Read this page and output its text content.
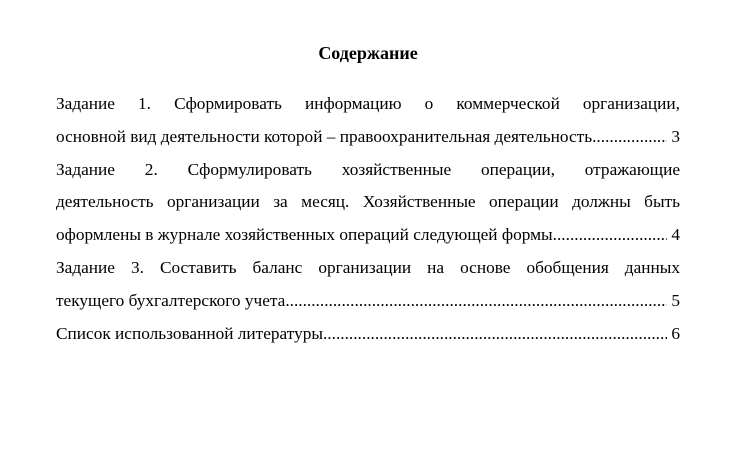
Содержание
Задание 1. Сформировать информацию о коммерческой организации,
основной вид деятельности которой – правоохранительная деятельность .....	3
Задание 2. Сформулировать хозяйственные операции, отражающие
деятельность организации за месяц. Хозяйственные операции должны быть
оформлены в журнале хозяйственных операций следующей формы .....	4
Задание 3. Составить баланс организации на основе обобщения данных
текущего бухгалтерского учета .....	5
Список использованной литературы .....	6
